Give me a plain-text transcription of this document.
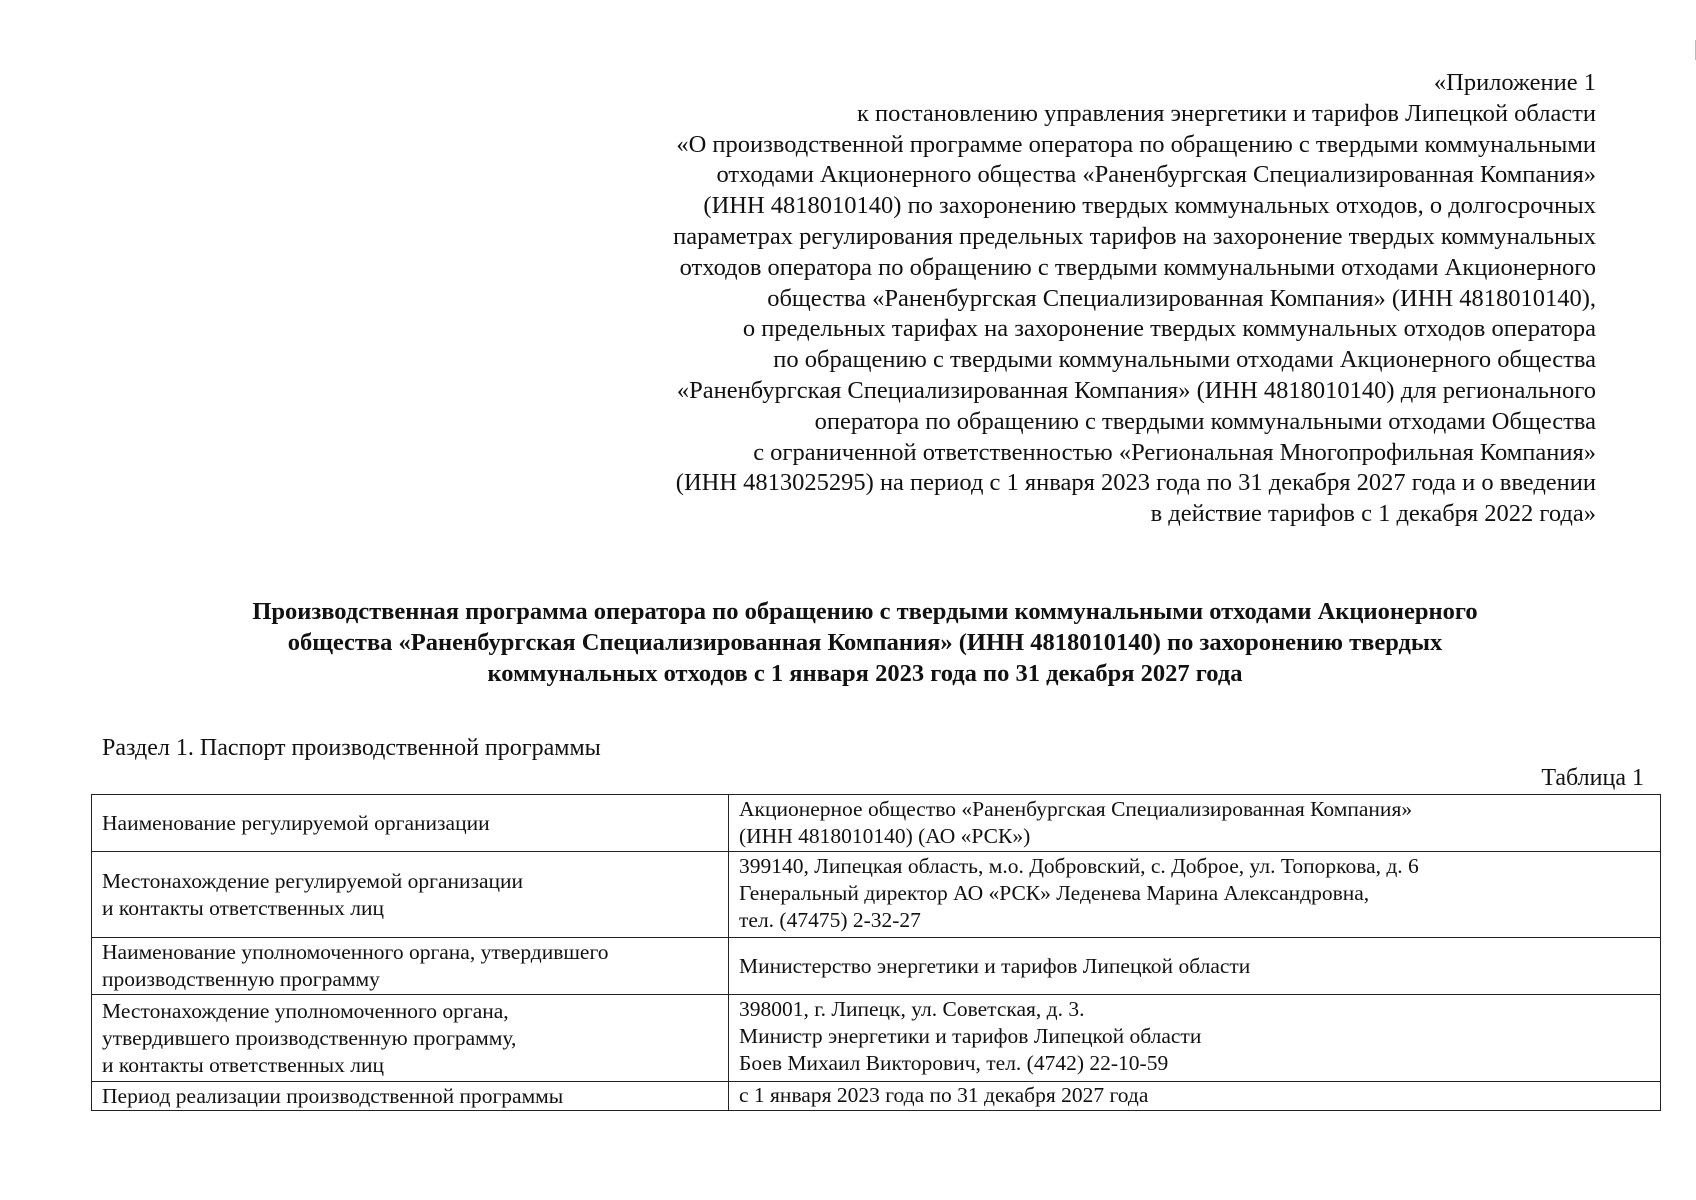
«Приложение 1
к постановлению управления энергетики и тарифов Липецкой области
«О производственной программе оператора по обращению с твердыми коммунальными
отходами Акционерного общества «Раненбургская Специализированная Компания»
(ИНН 4818010140) по захоронению твердых коммунальных отходов, о долгосрочных
параметрах регулирования предельных тарифов на захоронение твердых коммунальных
отходов оператора по обращению с твердыми коммунальными отходами Акционерного
общества «Раненбургская Специализированная Компания» (ИНН 4818010140),
о предельных тарифах на захоронение твердых коммунальных отходов оператора
по обращению с твердыми коммунальными отходами Акционерного общества
«Раненбургская Специализированная Компания» (ИНН 4818010140) для регионального
оператора по обращению с твердыми коммунальными отходами Общества
с ограниченной ответственностью «Региональная Многопрофильная Компания»
(ИНН 4813025295) на период с 1 января 2023 года по 31 декабря 2027 года и о введении
в действие тарифов с 1 декабря 2022 года»
Производственная программа оператора по обращению с твердыми коммунальными отходами Акционерного
общества «Раненбургская Специализированная Компания» (ИНН 4818010140) по захоронению твердых
коммунальных отходов с 1 января 2023 года по 31 декабря 2027 года
Раздел 1. Паспорт производственной программы
Таблица 1
Наименование регулируемой организации	Акционерное общество «Раненбургская Специализированная Компания»
(ИНН 4818010140) (АО «РСК»)

Местонахождение регулируемой организации
и контакты ответственных лиц	399140, Липецкая область, м.о. Добровский, с. Доброе, ул. Топоркова, д. 6
Генеральный директор АО «РСК» Леденева Марина Александровна,
тел. (47475) 2-32-27

Наименование уполномоченного органа, утвердившего
производственную программу	Министерство энергетики и тарифов Липецкой области

Местонахождение уполномоченного органа,
утвердившего производственную программу,
и контакты ответственных лиц	398001, г. Липецк, ул. Советская, д. 3.
Министр энергетики и тарифов Липецкой области
Боев Михаил Викторович, тел. (4742) 22-10-59

Период реализации производственной программы	с 1 января 2023 года по 31 декабря 2027 года
